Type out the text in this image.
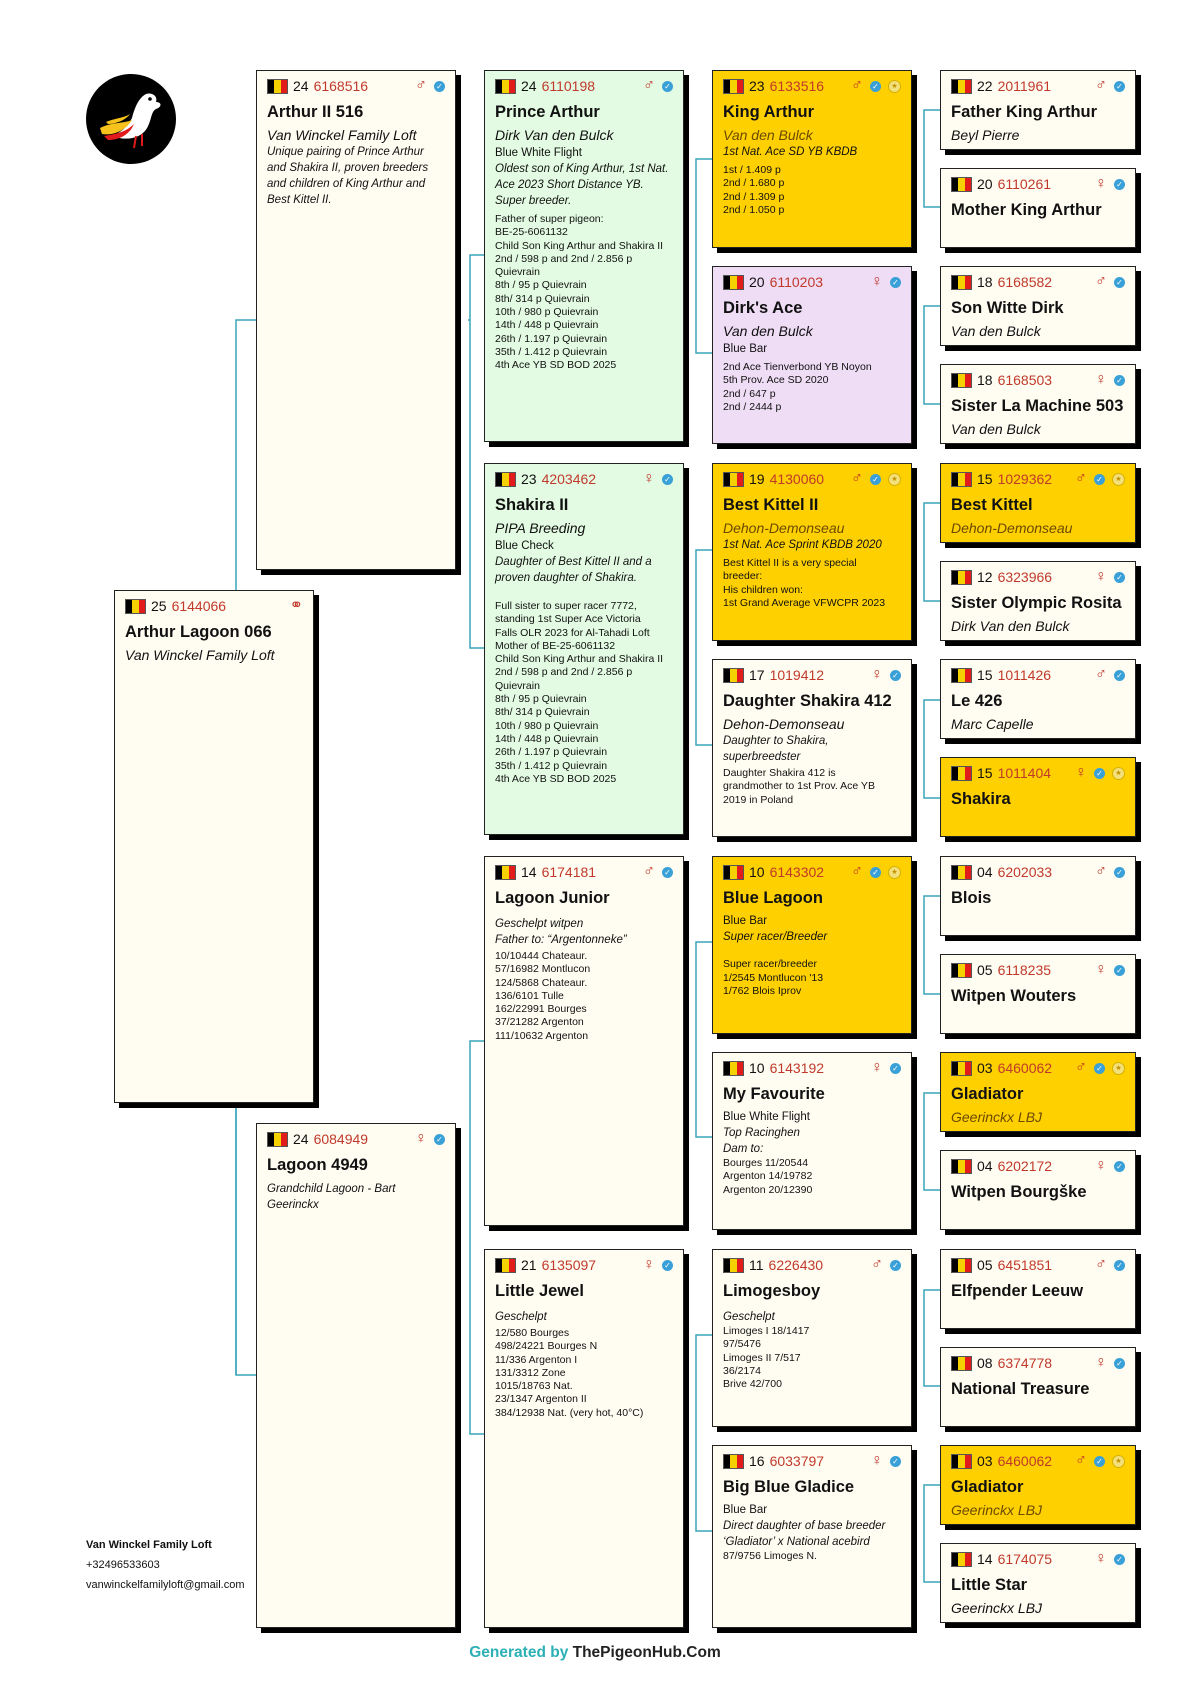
25 6144066	⚭
Arthur Lagoon 066
Van Winckel Family Loft
24 6168516	♂ ✓
Arthur II 516
Van Winckel Family Loft
Unique pairing of Prince Arthur and Shakira II, proven breeders and children of King Arthur and Best Kittel II.
24 6084949	♀ ✓
Lagoon 4949
Grandchild Lagoon - Bart Geerinckx
24 6110198	♂ ✓
Prince Arthur
Dirk Van den Bulck
Blue White Flight
Oldest son of King Arthur, 1st Nat. Ace 2023 Short Distance YB. Super breeder.
Father of super pigeon:
BE-25-6061132
Child Son King Arthur and Shakira II
2nd / 598 p and 2nd / 2.856 p
Quievrain
8th / 95 p Quievrain
8th/ 314 p Quievrain
10th / 980 p Quievrain
14th / 448 p Quievrain
26th / 1.197 p Quievrain
35th / 1.412 p Quievrain
4th Ace YB SD BOD 2025
23 4203462	♀ ✓
Shakira II
PIPA Breeding
Blue Check
Daughter of Best Kittel II and a proven daughter of Shakira.
Full sister to super racer 7772,
standing 1st Super Ace Victoria
Falls OLR 2023 for Al-Tahadi Loft
Mother of BE-25-6061132
Child Son King Arthur and Shakira II
2nd / 598 p and 2nd / 2.856 p
Quievrain
8th / 95 p Quievrain
8th/ 314 p Quievrain
10th / 980 p Quievrain
14th / 448 p Quievrain
26th / 1.197 p Quievrain
35th / 1.412 p Quievrain
4th Ace YB SD BOD 2025
14 6174181	♂ ✓
Lagoon Junior
Geschelpt witpen
Father to: “Argentonneke”
10/10444 Chateaur.
57/16982 Montlucon
124/5868 Chateaur.
136/6101 Tulle
162/22991 Bourges
37/21282 Argenton
111/10632 Argenton
21 6135097	♀ ✓
Little Jewel
Geschelpt
12/580 Bourges
498/24221 Bourges N
11/336 Argenton I
131/3312 Zone
1015/18763 Nat.
23/1347 Argenton II
384/12938 Nat. (very hot, 40°C)
23 6133516 ♂ ✓	★
King Arthur
Van den Bulck
1st Nat. Ace SD YB KBDB
1st / 1.409 p
2nd / 1.680 p
2nd / 1.309 p
2nd / 1.050 p
20 6110203	♀ ✓
Dirk's Ace
Van den Bulck
Blue Bar
2nd Ace Tienverbond YB Noyon
5th Prov. Ace SD 2020
2nd / 647 p
2nd / 2444 p
19 4130060 ♂ ✓	★
Best Kittel II
Dehon-Demonseau
1st Nat. Ace Sprint KBDB 2020
Best Kittel II is a very special
breeder:
His children won:
1st Grand Average VFWCPR 2023
17 1019412	♀ ✓
Daughter Shakira 412
Dehon-Demonseau
Daughter to Shakira, superbreedster
Daughter Shakira 412 is
grandmother to 1st Prov. Ace YB
2019 in Poland
10 6143302 ♂ ✓	★
Blue Lagoon
Blue Bar
Super racer/Breeder

Super racer/breeder
1/2545 Montlucon '13
1/762 Blois Iprov
10 6143192	♀ ✓
My Favourite
Blue White Flight
Top Racinghen
Dam to:
Bourges 11/20544
Argenton 14/19782
Argenton 20/12390
11 6226430	♂ ✓
Limogesboy
Geschelpt
Limoges I 18/1417
97/5476
Limoges II 7/517
36/2174
Brive 42/700
16 6033797	♀ ✓
Big Blue Gladice
Blue Bar
Direct daughter of base breeder ‘Gladiator’ x National acebird
87/9756 Limoges N.
22 2011961	♂ ✓
Father King Arthur
Beyl Pierre
20 6110261	♀ ✓
Mother King Arthur
18 6168582	♂ ✓
Son Witte Dirk
Van den Bulck
18 6168503	♀ ✓
Sister La Machine 503
Van den Bulck
15 1029362 ♂ ✓	★
Best Kittel
Dehon-Demonseau
12 6323966	♀ ✓
Sister Olympic Rosita
Dirk Van den Bulck
15 1011426	♂ ✓
Le 426
Marc Capelle
15 1011404 ♀ ✓	★
Shakira
04 6202033	♂ ✓
Blois
05 6118235	♀ ✓
Witpen Wouters
03 6460062 ♂ ✓	★
Gladiator
Geerinckx LBJ
04 6202172	♀ ✓
Witpen Bourgške
05 6451851	♂ ✓
Elfpender Leeuw
08 6374778	♀ ✓
National Treasure
03 6460062 ♂ ✓	★
Gladiator
Geerinckx LBJ
14 6174075	♀ ✓
Little Star
Geerinckx LBJ
Van Winckel Family Loft
+32496533603
vanwinckelfamilyloft@gmail.com
Generated by ThePigeonHub.Com
